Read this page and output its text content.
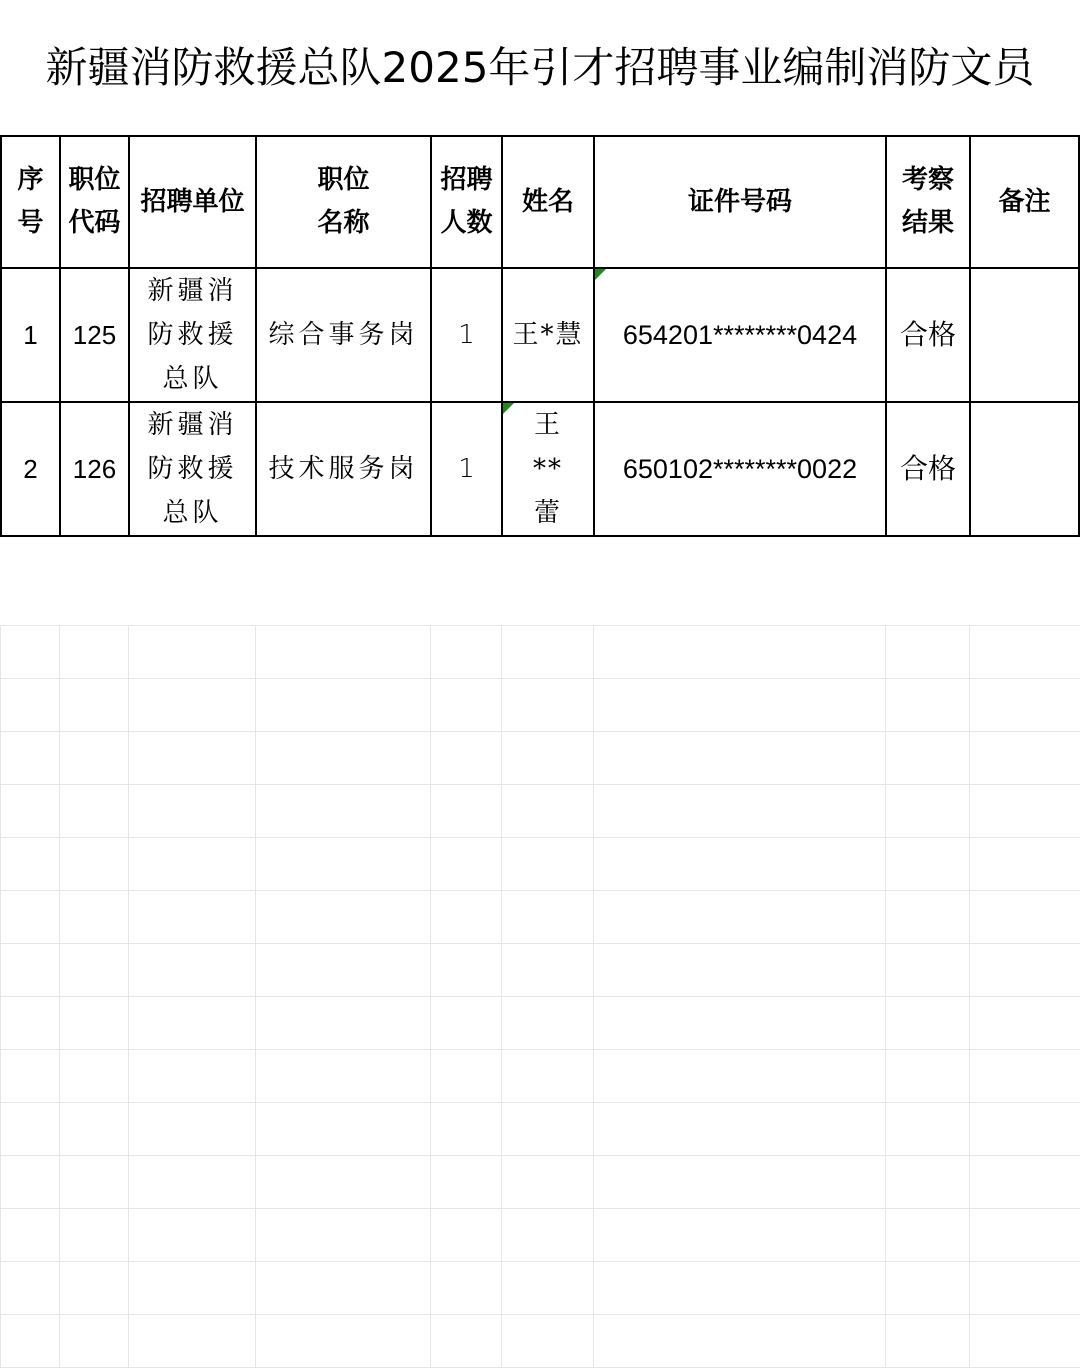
新疆消防救援总队2025年引才招聘事业编制消防文员
序号	职位代码	招聘单位	职位名称	招聘人数	姓名	证件号码	考察结果	备注
1	125	新疆消防救援总队	综合事务岗	1	王*慧	654201********0424	合格	
2	126	新疆消防救援总队	技术服务岗	1	王**蕾	650102********0022	合格	
